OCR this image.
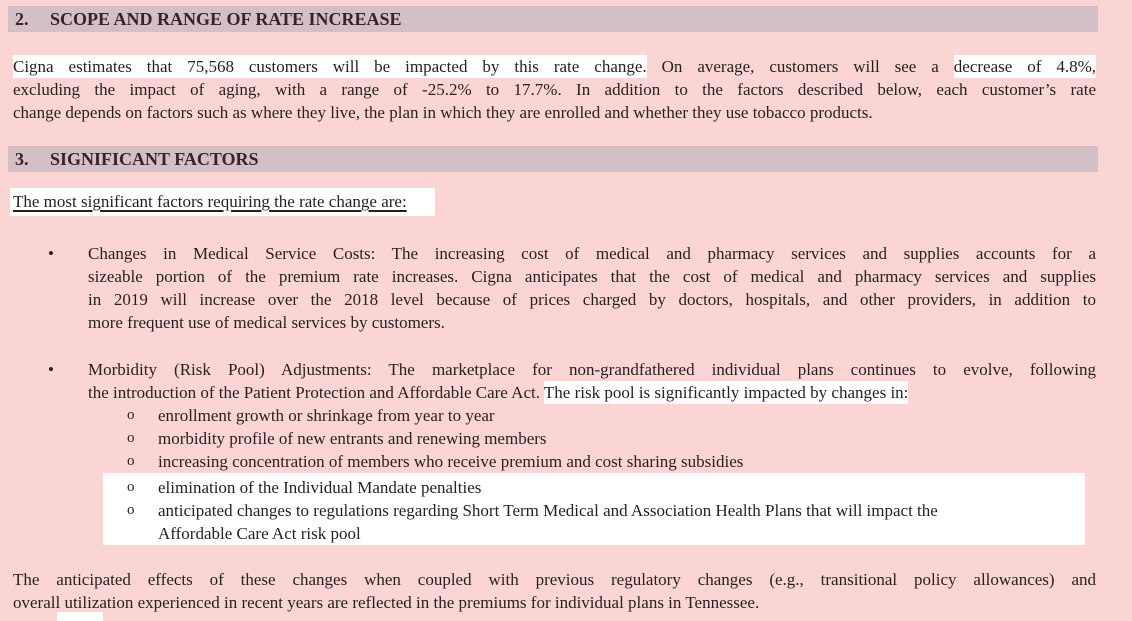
2.	SCOPE AND RANGE OF RATE INCREASE
Cigna estimates that 75,568 customers will be impacted by this rate change. On average, customers will see a decrease of 4.8%,
excluding the impact of aging, with a range of -25.2% to 17.7%. In addition to the factors described below, each customer’s rate
change depends on factors such as where they live, the plan in which they are enrolled and whether they use tobacco products.
3.	SIGNIFICANT FACTORS
The most significant factors requiring the rate change are:
•	Changes in Medical Service Costs: The increasing cost of medical and pharmacy services and supplies accounts for a
sizeable portion of the premium rate increases. Cigna anticipates that the cost of medical and pharmacy services and supplies
in 2019 will increase over the 2018 level because of prices charged by doctors, hospitals, and other providers, in addition to
more frequent use of medical services by customers.
•	Morbidity (Risk Pool) Adjustments: The marketplace for non-grandfathered individual plans continues to evolve, following
the introduction of the Patient Protection and Affordable Care Act. The risk pool is significantly impacted by changes in:
o	enrollment growth or shrinkage from year to year
o	morbidity profile of new entrants and renewing members
o	increasing concentration of members who receive premium and cost sharing subsidies
o	elimination of the Individual Mandate penalties
o	anticipated changes to regulations regarding Short Term Medical and Association Health Plans that will impact the
Affordable Care Act risk pool
The anticipated effects of these changes when coupled with previous regulatory changes (e.g., transitional policy allowances) and
overall utilization experienced in recent years are reflected in the premiums for individual plans in Tennessee.
